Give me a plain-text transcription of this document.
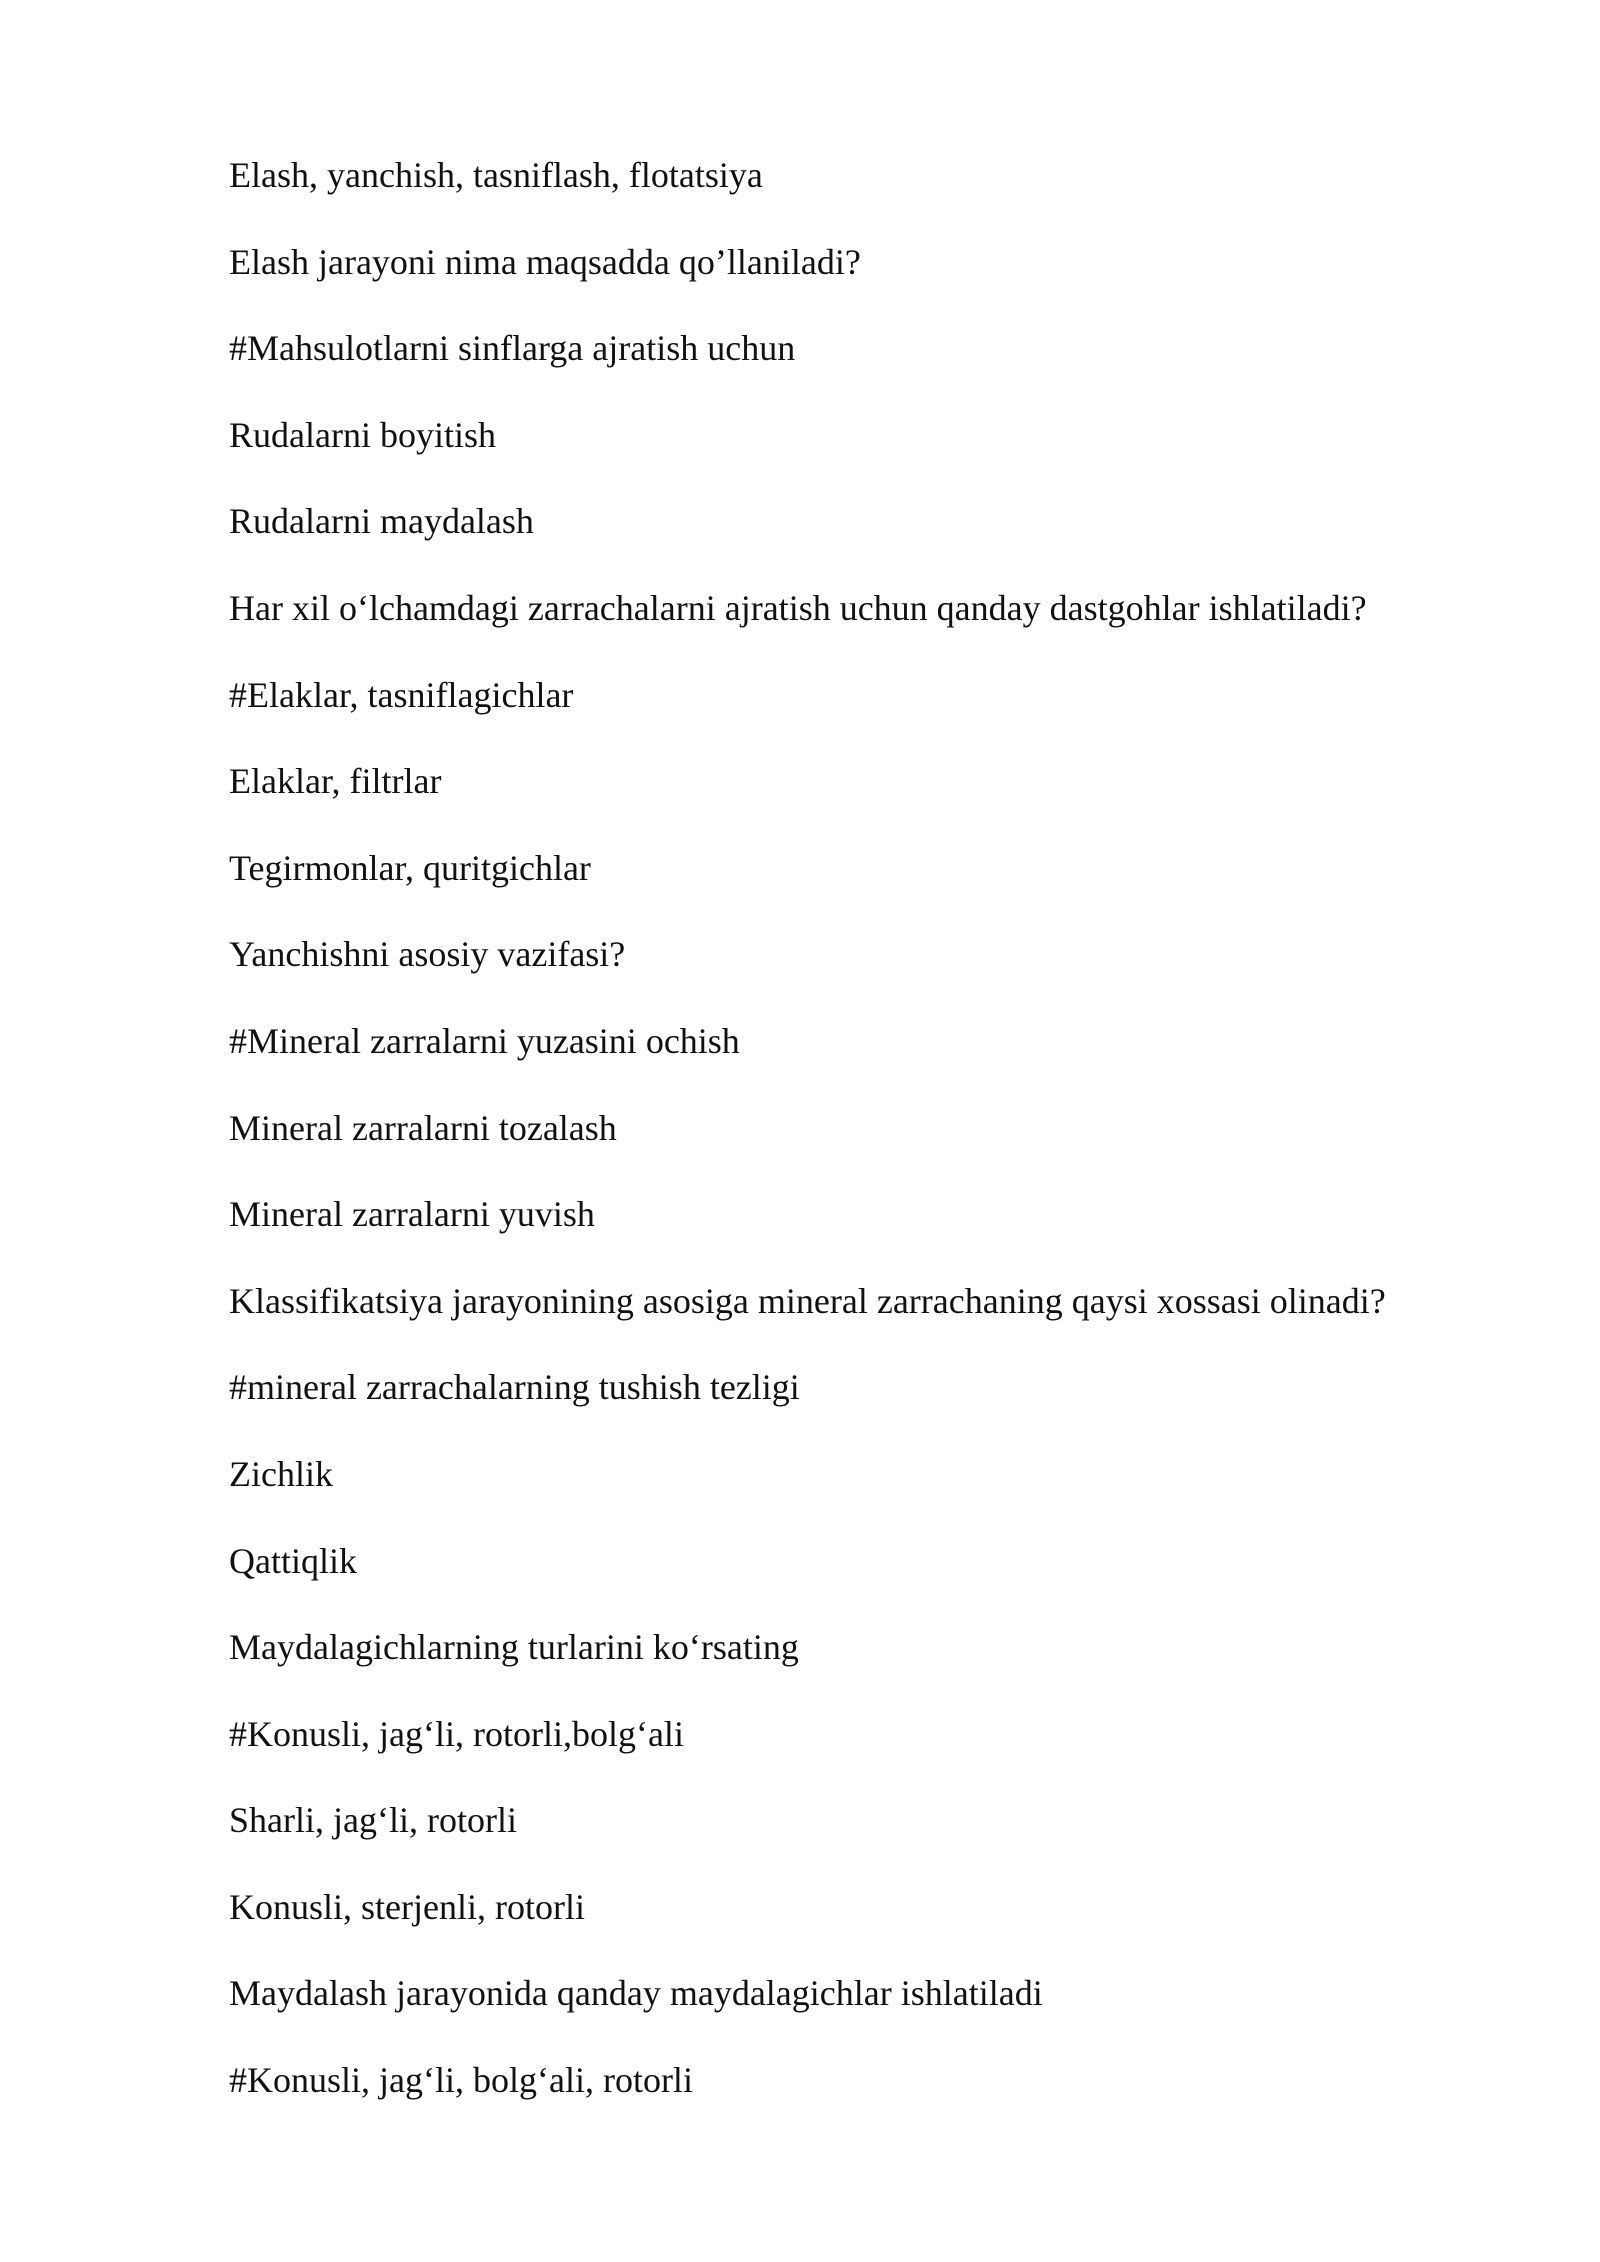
Elash, yanchish, tasniflash, flotatsiya
Elash jarayoni nima maqsadda qo’llaniladi?
#Mahsulotlarni sinflarga ajratish uchun
Rudalarni boyitish
Rudalarni maydalash
Har xil o‘lchamdagi zarrachalarni ajratish uchun qanday dastgohlar ishlatiladi?
#Elaklar, tasniflagichlar
Elaklar, filtrlar
Tegirmonlar, quritgichlar
Yanchishni asosiy vazifasi?
#Mineral zarralarni yuzasini ochish
Mineral zarralarni tozalash
Mineral zarralarni yuvish
Klassifikatsiya jarayonining asosiga mineral zarrachaning qaysi xossasi olinadi?
#mineral zarrachalarning tushish tezligi
Zichlik
Qattiqlik
Maydalagichlarning turlarini ko‘rsating
#Konusli, jag‘li, rotorli,bolg‘ali
Sharli, jag‘li, rotorli
Konusli, sterjenli, rotorli
Maydalash jarayonida qanday maydalagichlar ishlatiladi
#Konusli, jag‘li, bolg‘ali, rotorli
